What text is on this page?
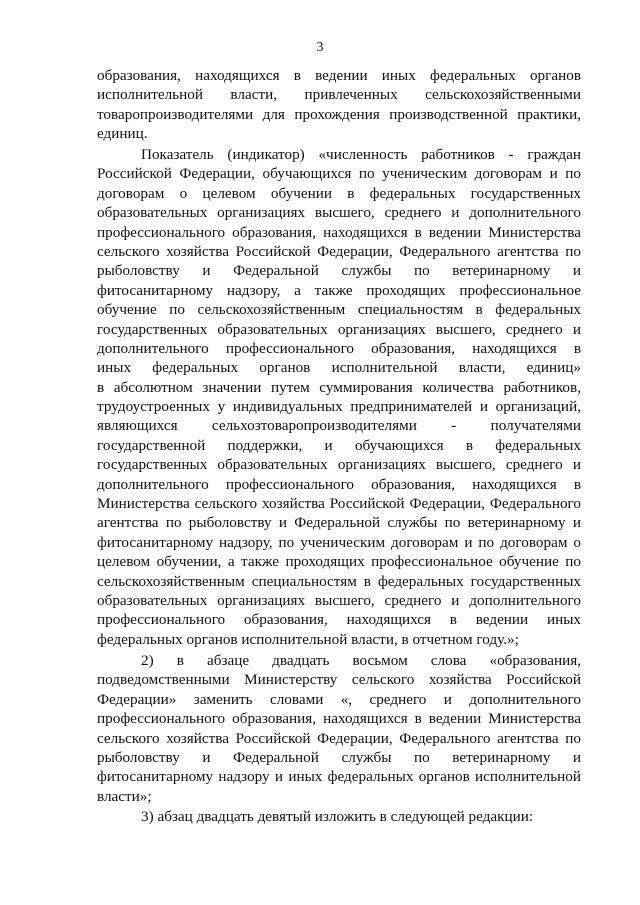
3
образования, находящихся в ведении иных федеральных органов
исполнительной власти, привлеченных сельскохозяйственными
товаропроизводителями для прохождения производственной практики,
единиц.
Показатель (индикатор) «численность работников - граждан
Российской Федерации, обучающихся по ученическим договорам и по
договорам о целевом обучении в федеральных государственных
образовательных организациях высшего, среднего и дополнительного
профессионального образования, находящихся в ведении Министерства
сельского хозяйства Российской Федерации, Федерального агентства по
рыболовству и Федеральной службы по ветеринарному и
фитосанитарному надзору, а также проходящих профессиональное
обучение по сельскохозяйственным специальностям в федеральных
государственных образовательных организациях высшего, среднего и
дополнительного профессионального образования, находящихся в
иных федеральных органов исполнительной власти, единиц»
в абсолютном значении путем суммирования количества работников,
трудоустроенных у индивидуальных предпринимателей и организаций,
являющихся сельхозтоваропроизводителями - получателями
государственной поддержки, и обучающихся в федеральных
государственных образовательных организациях высшего, среднего и
дополнительного профессионального образования, находящихся в
Министерства сельского хозяйства Российской Федерации, Федерального
агентства по рыболовству и Федеральной службы по ветеринарному и
фитосанитарному надзору, по ученическим договорам и по договорам о
целевом обучении, а также проходящих профессиональное обучение по
сельскохозяйственным специальностям в федеральных государственных
образовательных организациях высшего, среднего и дополнительного
профессионального образования, находящихся в ведении иных
федеральных органов исполнительной власти, в отчетном году.»;
2) в абзаце двадцать восьмом слова «образования,
подведомственными Министерству сельского хозяйства Российской
Федерации» заменить словами «, среднего и дополнительного
профессионального образования, находящихся в ведении Министерства
сельского хозяйства Российской Федерации, Федерального агентства по
рыболовству и Федеральной службы по ветеринарному и
фитосанитарному надзору и иных федеральных органов исполнительной
власти»;
3) абзац двадцать девятый изложить в следующей редакции:
